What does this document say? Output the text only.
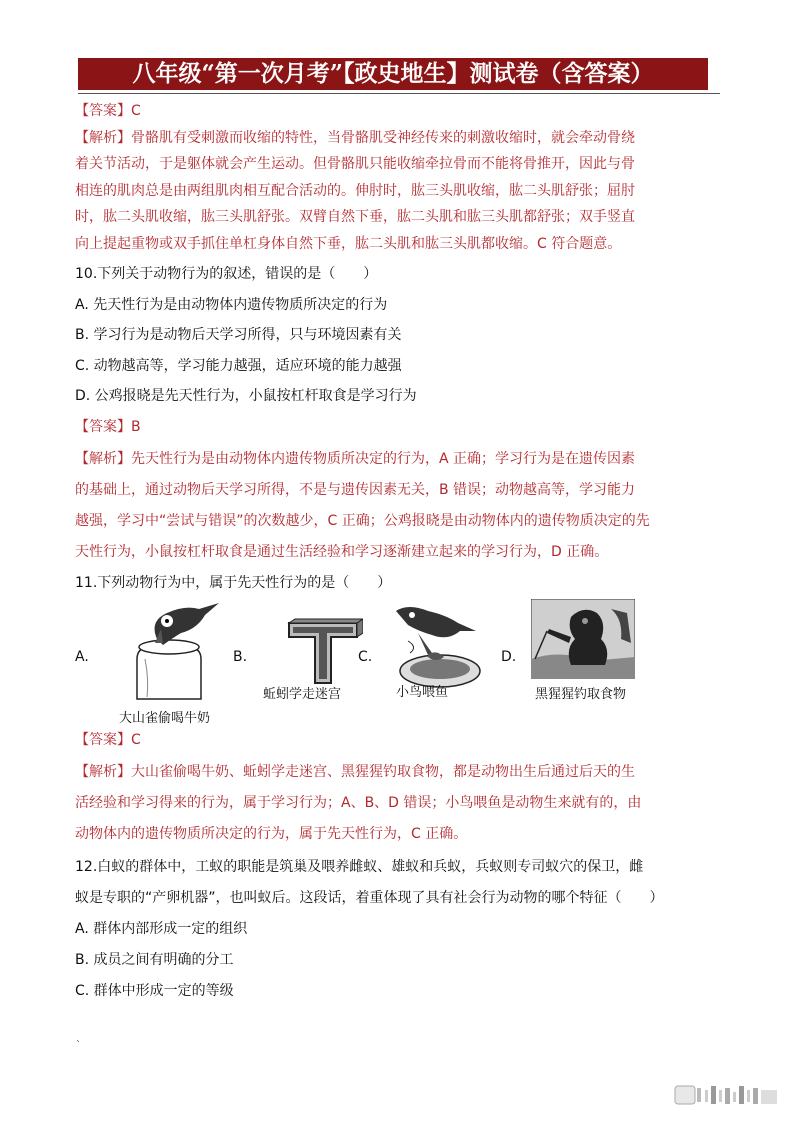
八年级“第一次月考”【政史地生】测试卷（含答案）
【答案】C
【解析】骨骼肌有受刺激而收缩的特性，当骨骼肌受神经传来的刺激收缩时，就会牵动骨绕
着关节活动，于是躯体就会产生运动。但骨骼肌只能收缩牵拉骨而不能将骨推开，因此与骨
相连的肌肉总是由两组肌肉相互配合活动的。伸肘时，肱三头肌收缩，肱二头肌舒张；屈肘
时，肱二头肌收缩，肱三头肌舒张。双臂自然下垂，肱二头肌和肱三头肌都舒张；双手竖直
向上提起重物或双手抓住单杠身体自然下垂，肱二头肌和肱三头肌都收缩。C 符合题意。
10.下列关于动物行为的叙述，错误的是（　　）
A. 先天性行为是由动物体内遗传物质所决定的行为
B. 学习行为是动物后天学习所得，只与环境因素有关
C. 动物越高等，学习能力越强，适应环境的能力越强
D. 公鸡报晓是先天性行为，小鼠按杠杆取食是学习行为
【答案】B
【解析】先天性行为是由动物体内遗传物质所决定的行为，A 正确；学习行为是在遗传因素
的基础上，通过动物后天学习所得，不是与遗传因素无关，B 错误；动物越高等，学习能力
越强，学习中“尝试与错误”的次数越少，C 正确；公鸡报晓是由动物体内的遗传物质决定的先
天性行为，小鼠按杠杆取食是通过生活经验和学习逐渐建立起来的学习行为，D 正确。
11.下列动物行为中，属于先天性行为的是（　　）
A.
大山雀偷喝牛奶
B.
蚯蚓学走迷宫
C.
小鸟喂鱼
D.
黑猩猩钓取食物
【答案】C
【解析】大山雀偷喝牛奶、蚯蚓学走迷宫、黑猩猩钓取食物，都是动物出生后通过后天的生
活经验和学习得来的行为，属于学习行为；A、B、D 错误；小鸟喂鱼是动物生来就有的，由
动物体内的遗传物质所决定的行为，属于先天性行为，C 正确。
12.白蚁的群体中，工蚁的职能是筑巢及喂养雌蚁、雄蚁和兵蚁，兵蚁则专司蚁穴的保卫，雌
蚁是专职的“产卵机器”，也叫蚁后。这段话，着重体现了具有社会行为动物的哪个特征（　　）
A. 群体内部形成一定的组织
B. 成员之间有明确的分工
C. 群体中形成一定的等级
`
